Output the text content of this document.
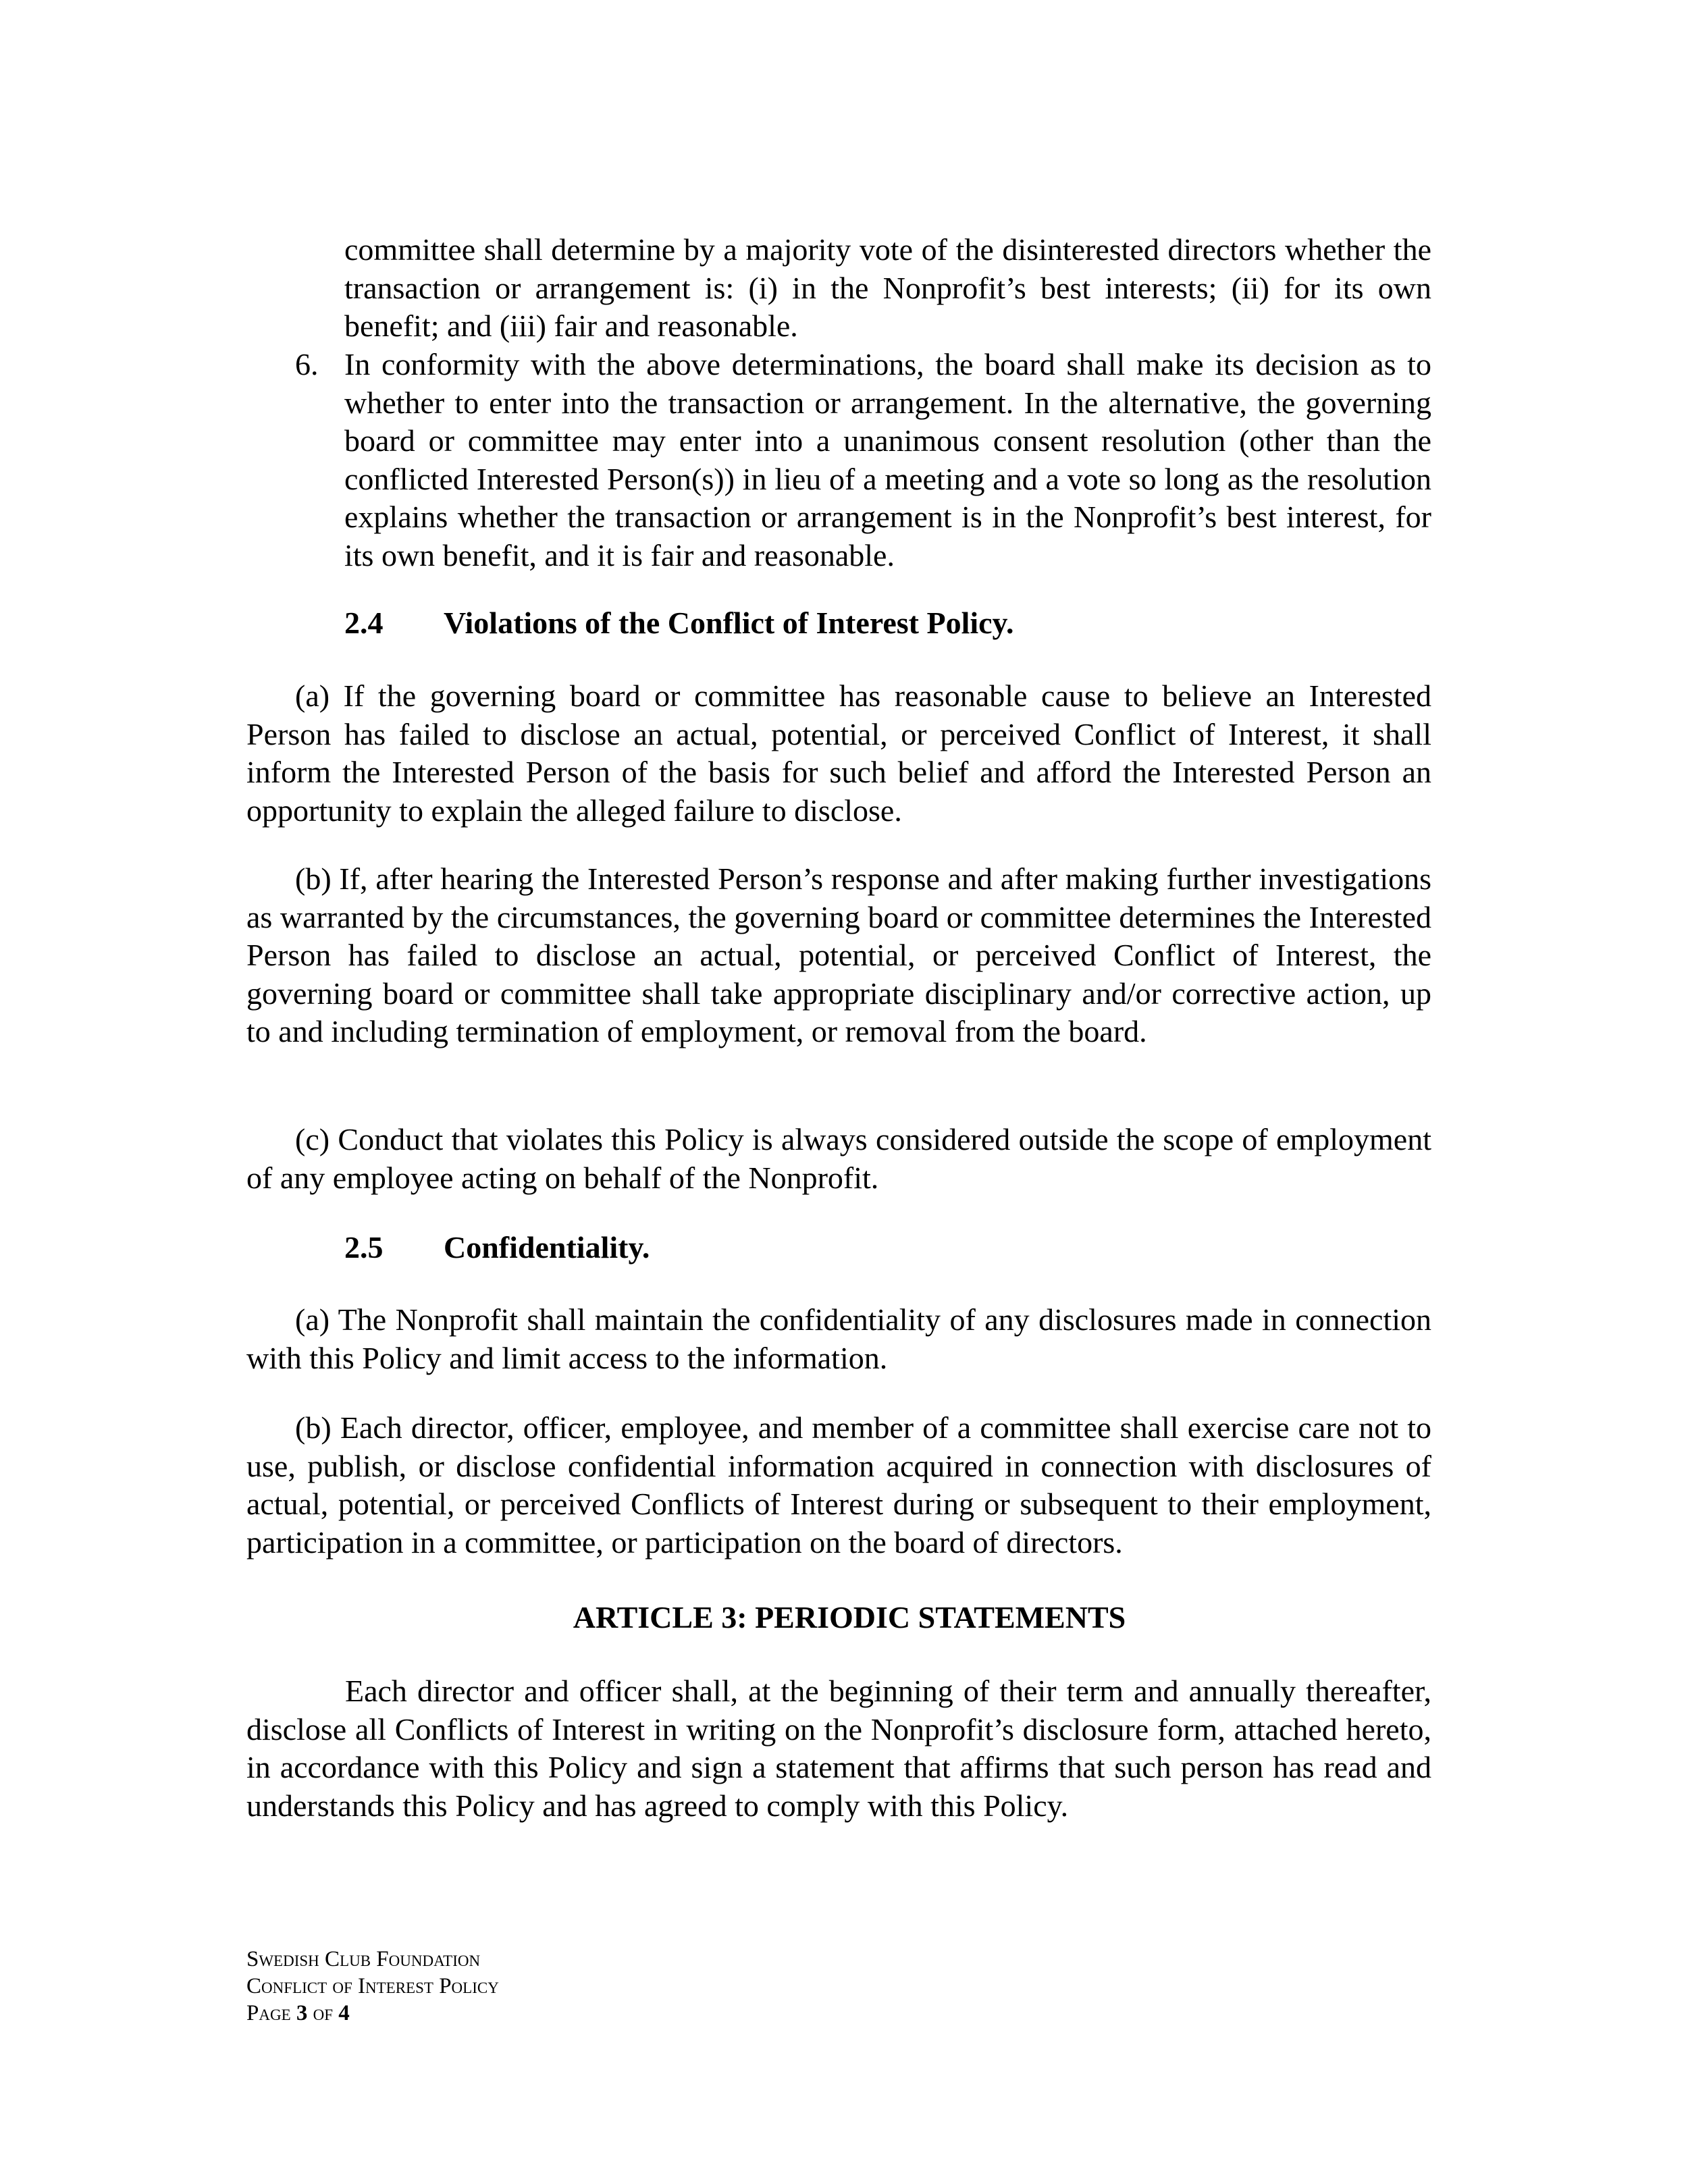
committee shall determine by a majority vote of the disinterested directors whether the transaction or arrangement is: (i) in the Nonprofit’s best interests; (ii) for its own benefit; and (iii) fair and reasonable.

6. In conformity with the above determinations, the board shall make its decision as to whether to enter into the transaction or arrangement. In the alternative, the governing board or committee may enter into a unanimous consent resolution (other than the conflicted Interested Person(s)) in lieu of a meeting and a vote so long as the resolution explains whether the transaction or arrangement is in the Nonprofit’s best interest, for its own benefit, and it is fair and reasonable.

2.4 Violations of the Conflict of Interest Policy.

(a) If the governing board or committee has reasonable cause to believe an Interested Person has failed to disclose an actual, potential, or perceived Conflict of Interest, it shall inform the Interested Person of the basis for such belief and afford the Interested Person an opportunity to explain the alleged failure to disclose.

(b) If, after hearing the Interested Person’s response and after making further investigations as warranted by the circumstances, the governing board or committee determines the Interested Person has failed to disclose an actual, potential, or perceived Conflict of Interest, the governing board or committee shall take appropriate disciplinary and/or corrective action, up to and including termination of employment, or removal from the board.

(c) Conduct that violates this Policy is always considered outside the scope of employment of any employee acting on behalf of the Nonprofit.

2.5 Confidentiality.

(a) The Nonprofit shall maintain the confidentiality of any disclosures made in connection with this Policy and limit access to the information.

(b) Each director, officer, employee, and member of a committee shall exercise care not to use, publish, or disclose confidential information acquired in connection with disclosures of actual, potential, or perceived Conflicts of Interest during or subsequent to their employment, participation in a committee, or participation on the board of directors.

ARTICLE 3: PERIODIC STATEMENTS

Each director and officer shall, at the beginning of their term and annually thereafter, disclose all Conflicts of Interest in writing on the Nonprofit’s disclosure form, attached hereto, in accordance with this Policy and sign a statement that affirms that such person has read and understands this Policy and has agreed to comply with this Policy.

Swedish Club Foundation
Conflict of Interest Policy
Page 3 of 4
